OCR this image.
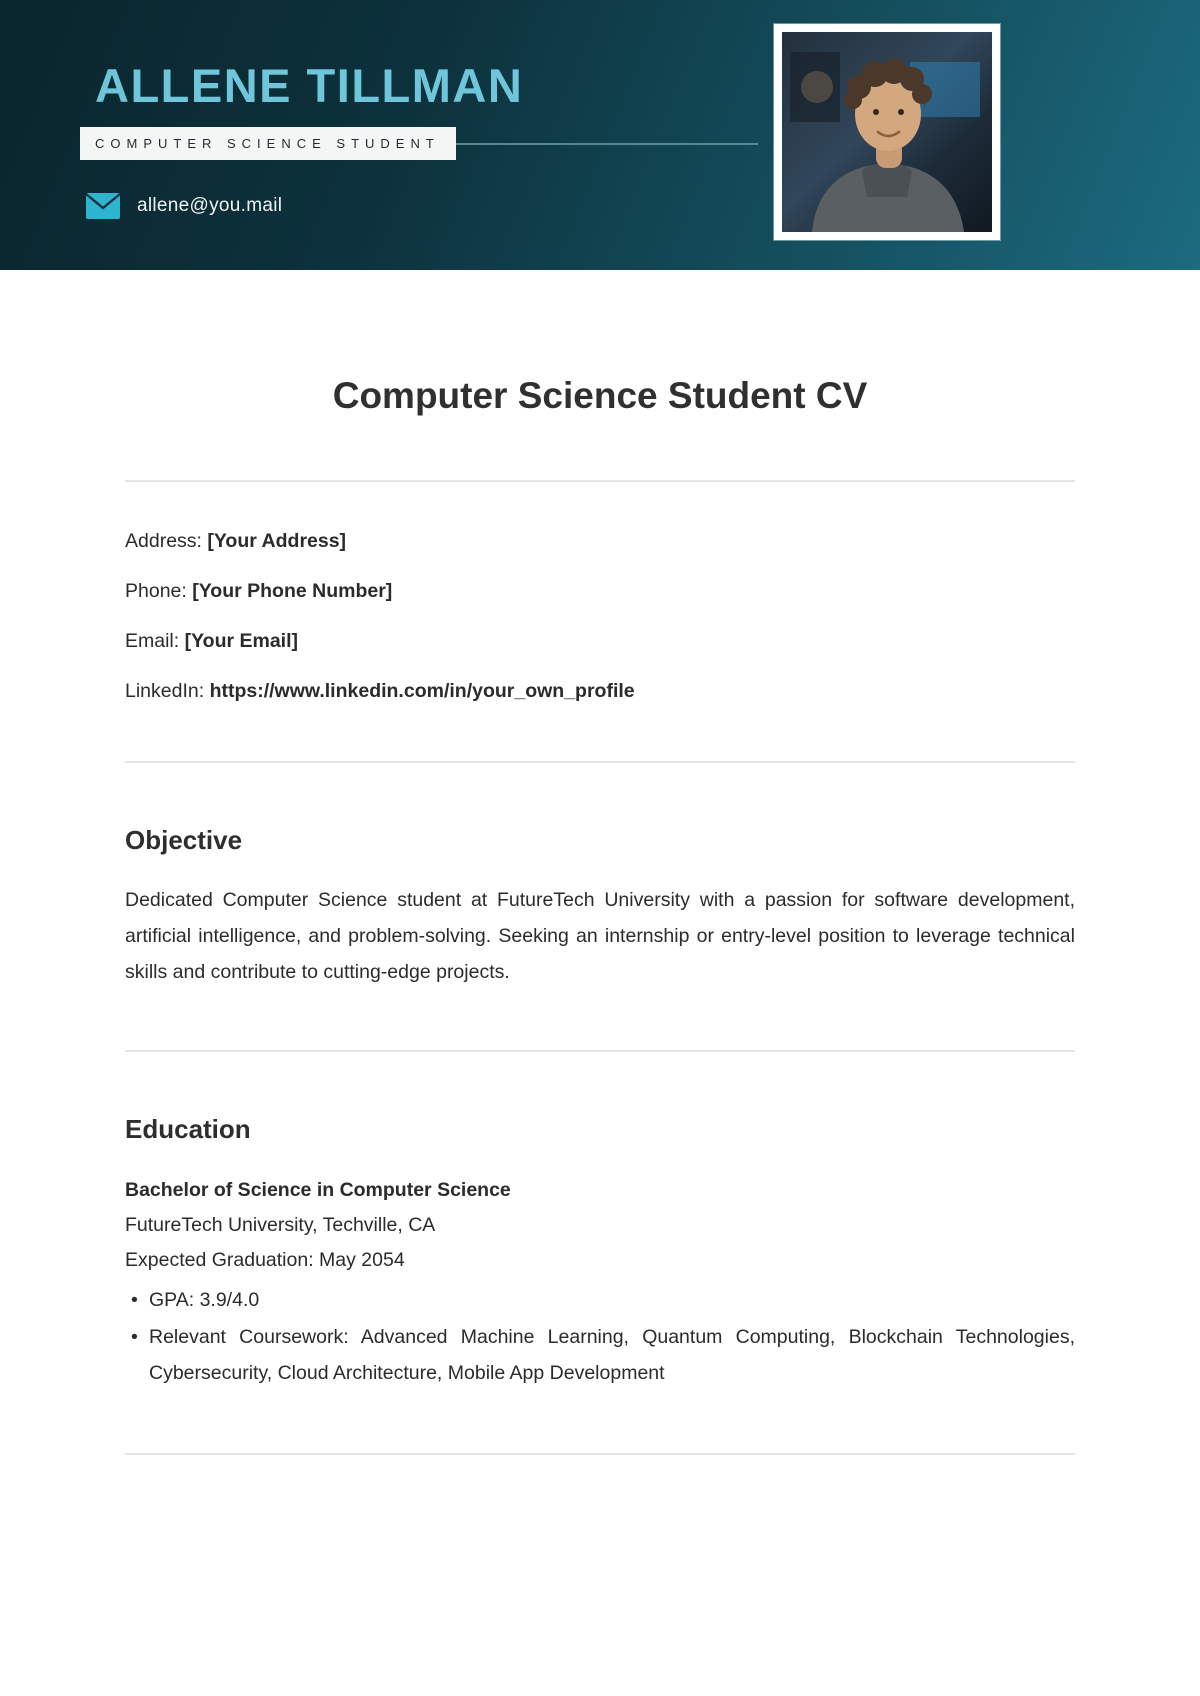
ALLENE TILLMAN
COMPUTER SCIENCE STUDENT
allene@you.mail
Computer Science Student CV

Address: [Your Address]

Phone: [Your Phone Number]

Email: [Your Email]

LinkedIn: https://www.linkedin.com/in/your_own_profile

Objective

Dedicated Computer Science student at FutureTech University with a passion for software development, artificial intelligence, and problem-solving. Seeking an internship or entry-level position to leverage technical skills and contribute to cutting-edge projects.

Education

Bachelor of Science in Computer Science

FutureTech University, Techville, CA

Expected Graduation: May 2054

• GPA: 3.9/4.0
• Relevant Coursework: Advanced Machine Learning, Quantum Computing, Blockchain Technologies, Cybersecurity, Cloud Architecture, Mobile App Development
